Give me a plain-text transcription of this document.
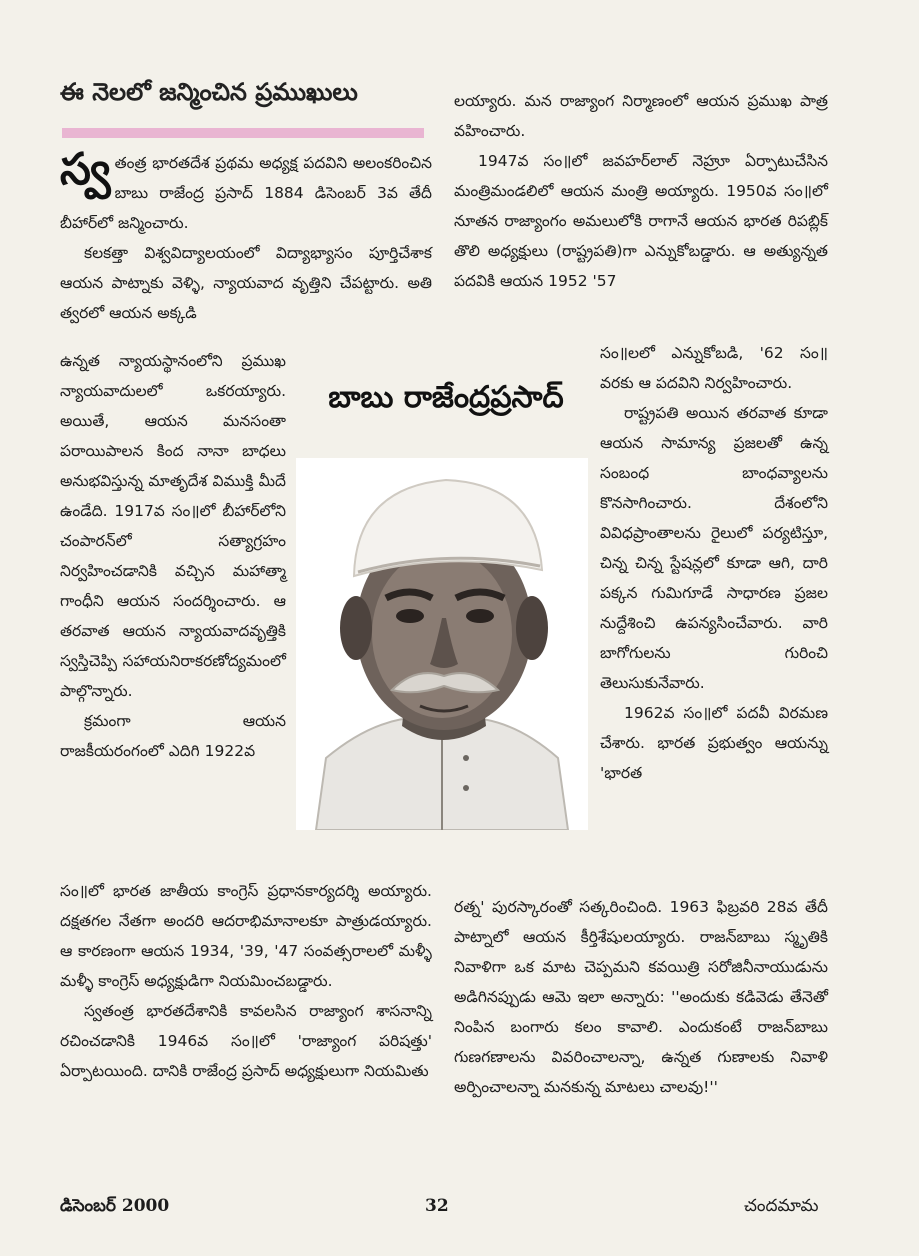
ఈ నెలలో జన్మించిన ప్రముఖులు

స్వ తంత్ర భారతదేశ ప్రథమ అధ్యక్ష పదవిని అలంకరించిన బాబు రాజేంద్ర ప్రసాద్ 1884 డిసెంబర్ 3వ తేదీ బీహార్‌లో జన్మించారు.

కలకత్తా విశ్వవిద్యాలయంలో విద్యాభ్యాసం పూర్తిచేశాక ఆయన పాట్నాకు వెళ్ళి, న్యాయవాద వృత్తిని చేపట్టారు. అతి త్వరలో ఆయన అక్కడి

ఉన్నత న్యాయస్థానంలోని ప్రముఖ న్యాయవాదులలో ఒకరయ్యారు. అయితే, ఆయన మనసంతా పరాయిపాలన కింద నానా బాధలు అనుభవిస్తున్న మాతృదేశ విముక్తి మీదే ఉండేది. 1917వ సం॥లో బీహార్‌లోని చంపారన్‌లో సత్యాగ్రహం నిర్వహించడానికి వచ్చిన మహాత్మా గాంధీని ఆయన సందర్శించారు. ఆ తరవాత ఆయన న్యాయవాదవృత్తికి స్వస్తిచెప్పి సహాయనిరాకరణోద్యమంలో పాల్గొన్నారు.

క్రమంగా ఆయన రాజకీయరంగంలో ఎదిగి 1922వ

సం॥లో భారత జాతీయ కాంగ్రెస్ ప్రధానకార్యదర్శి అయ్యారు. దక్షతగల నేతగా అందరి ఆదరాభిమానాలకూ పాత్రుడయ్యారు. ఆ కారణంగా ఆయన 1934, '39, '47 సంవత్సరాలలో మళ్ళీ మళ్ళీ కాంగ్రెస్ అధ్యక్షుడిగా నియమించబడ్డారు.

స్వతంత్ర భారతదేశానికి కావలసిన రాజ్యాంగ శాసనాన్ని రచించడానికి 1946వ సం॥లో 'రాజ్యాంగ పరిషత్తు' ఏర్పాటయింది. దానికి రాజేంద్ర ప్రసాద్ అధ్యక్షులుగా నియమితు

లయ్యారు. మన రాజ్యాంగ నిర్మాణంలో ఆయన ప్రముఖ పాత్ర వహించారు.

1947వ సం॥లో జవహర్‌లాల్ నెహ్రూ ఏర్పాటుచేసిన మంత్రిమండలిలో ఆయన మంత్రి అయ్యారు. 1950వ సం॥లో నూతన రాజ్యాంగం అమలులోకి రాగానే ఆయన భారత రిపబ్లిక్ తొలి అధ్యక్షులు (రాష్ట్రపతి)గా ఎన్నుకోబడ్డారు. ఆ అత్యున్నత పదవికి ఆయన 1952 '57

బాబు రాజేంద్రప్రసాద్

సం॥లలో ఎన్నుకోబడి, '62 సం॥ వరకు ఆ పదవిని నిర్వహించారు.

రాష్ట్రపతి అయిన తరవాత కూడా ఆయన సామాన్య ప్రజలతో ఉన్న సంబంధ బాంధవ్యాలను కొనసాగించారు. దేశంలోని వివిధప్రాంతాలను రైలులో పర్యటిస్తూ, చిన్న చిన్న స్టేషన్లలో కూడా ఆగి, దారి పక్కన గుమిగూడే సాధారణ ప్రజల నుద్దేశించి ఉపన్యసించేవారు. వారి బాగోగులను గురించి తెలుసుకునేవారు.

1962వ సం॥లో పదవీ విరమణ చేశారు. భారత ప్రభుత్వం ఆయన్ను 'భారత

రత్న' పురస్కారంతో సత్కరించింది. 1963 ఫిబ్రవరి 28వ తేదీ పాట్నాలో ఆయన కీర్తిశేషులయ్యారు. రాజన్‌బాబు స్మృతికి నివాళిగా ఒక మాట చెప్పమని కవయిత్రి సరోజినీనాయుడును అడిగినప్పుడు ఆమె ఇలా అన్నారు: ''అందుకు కడివెడు తేనెతో నింపిన బంగారు కలం కావాలి. ఎందుకంటే రాజన్‌బాబు గుణగణాలను వివరించాలన్నా, ఉన్నత గుణాలకు నివాళి అర్పించాలన్నా మనకున్న మాటలు చాలవు!''

డిసెంబర్ 2000	32	చందమామ
